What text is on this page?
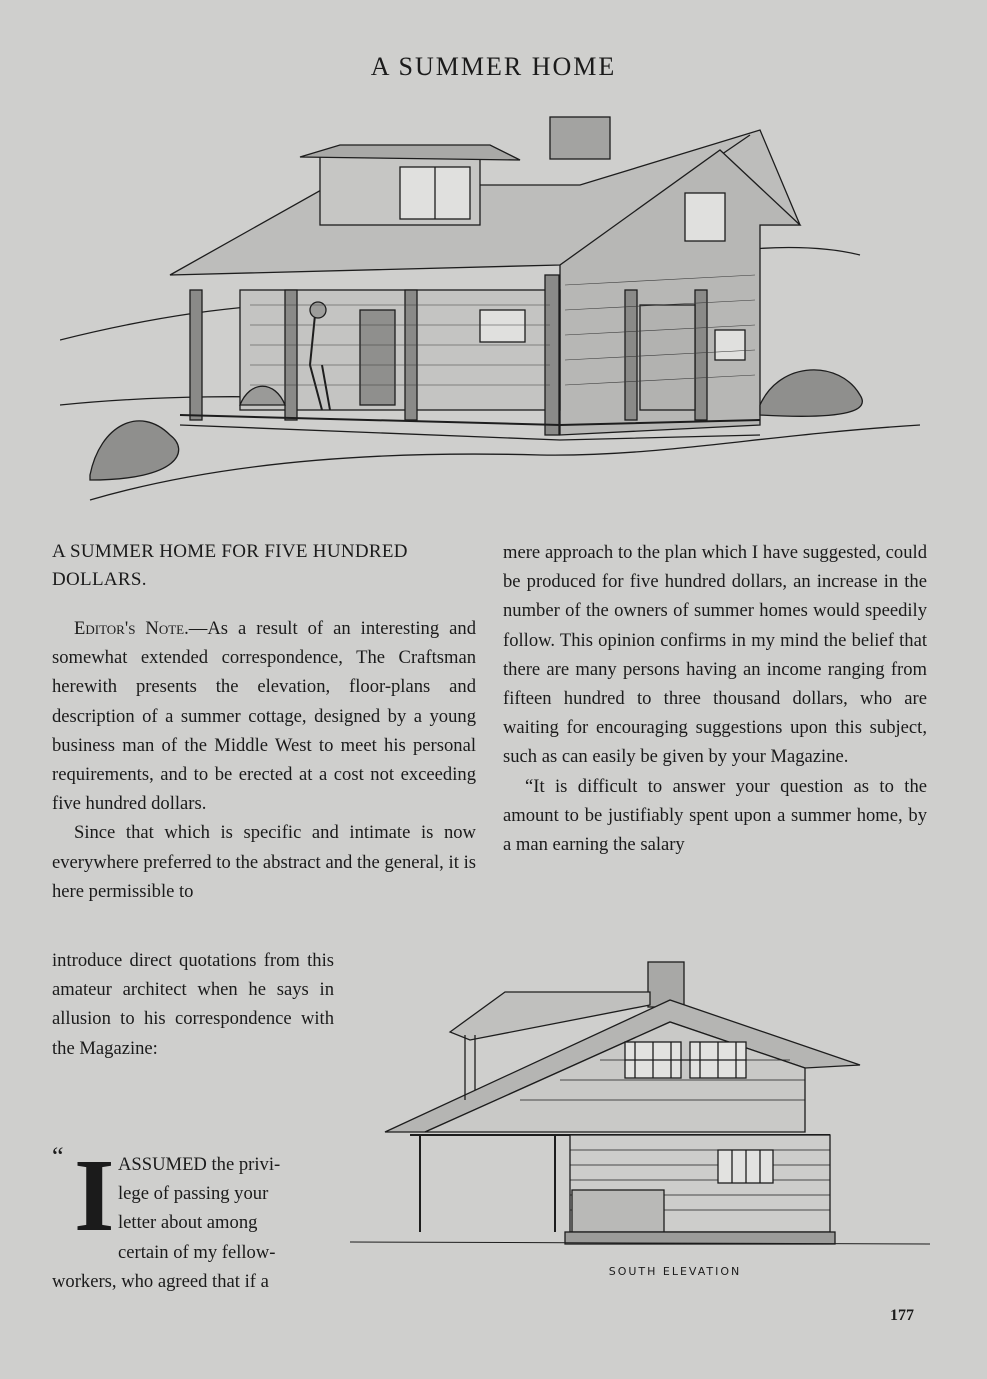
A SUMMER HOME

A SUMMER HOME FOR FIVE HUNDRED DOLLARS.

Editor's Note.—As a result of an interesting and somewhat extended correspondence, The Craftsman herewith presents the elevation, floor-plans and description of a summer cottage, designed by a young business man of the Middle West to meet his personal requirements, and to be erected at a cost not exceeding five hundred dollars.

Since that which is specific and intimate is now everywhere preferred to the abstract and the general, it is here permissible to

introduce direct quotations from this amateur architect when he says in allusion to his correspondence with the Magazine:

“ I ASSUMED the privi-
lege of passing your
letter about among
certain of my fellow-
workers, who agreed that if a

mere approach to the plan which I have suggested, could be produced for five hundred dollars, an increase in the number of the owners of summer homes would speedily follow. This opinion confirms in my mind the belief that there are many persons having an income ranging from fifteen hundred to three thousand dollars, who are waiting for encouraging suggestions upon this subject, such as can easily be given by your Magazine.

“It is difficult to answer your question as to the amount to be justifiably spent upon a summer home, by a man earning the salary

SOUTH ELEVATION
177
